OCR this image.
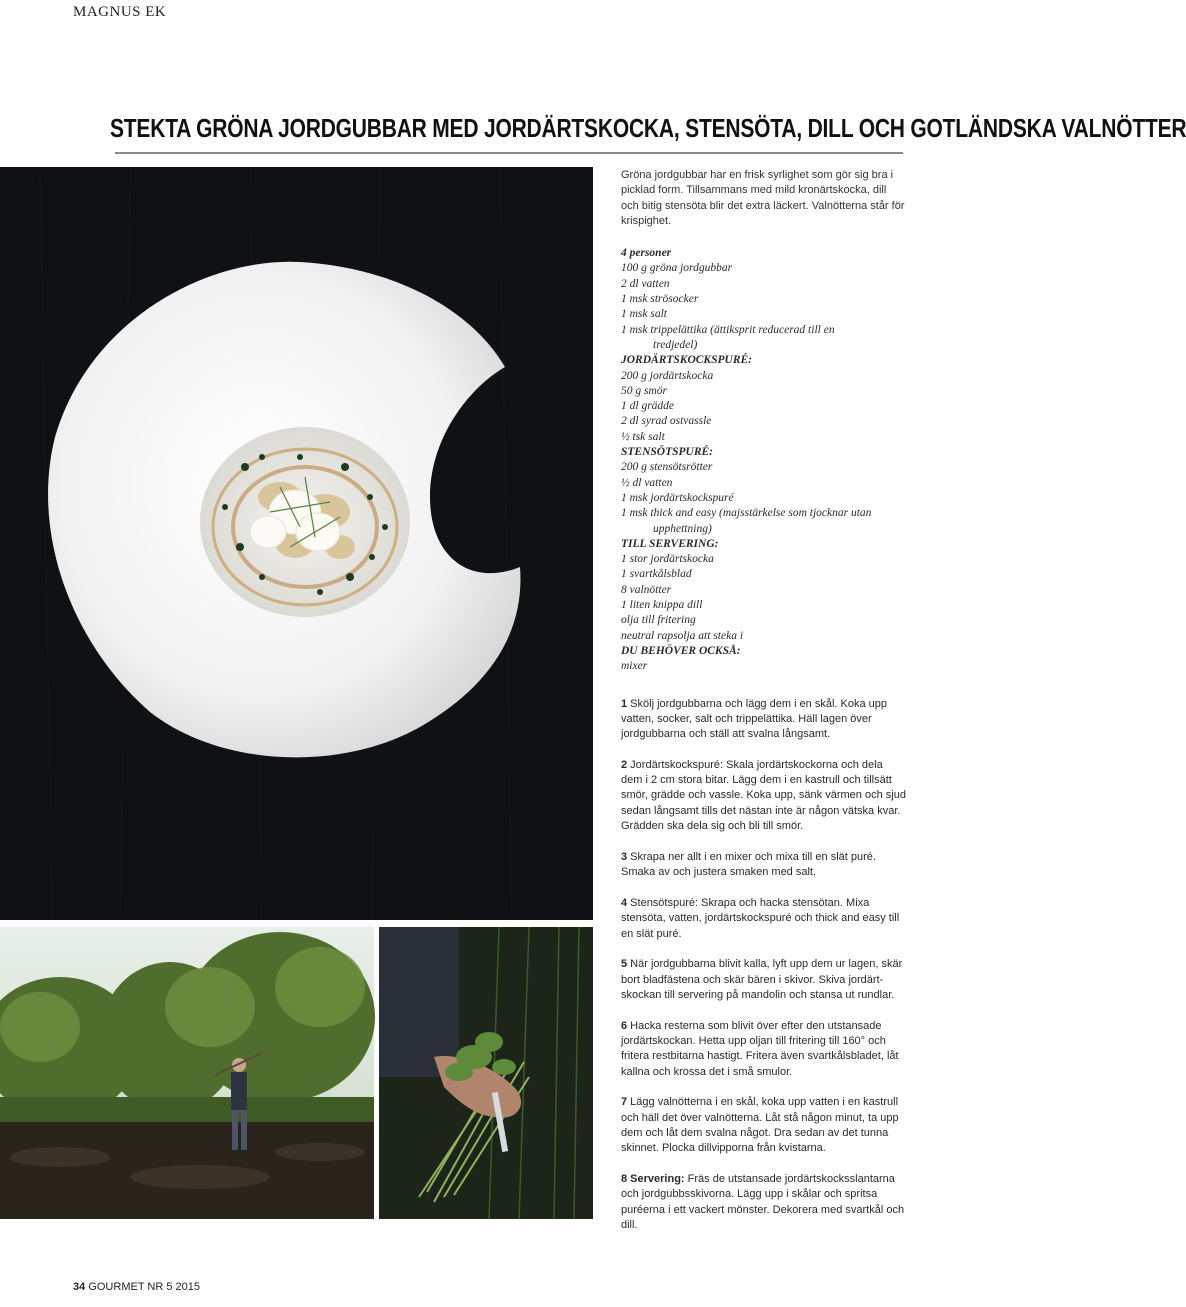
MAGNUS EK
STEKTA GRÖNA JORDGUBBAR MED JORDÄRTSKOCKA, STENSÖTA, DILL OCH GOTLÄNDSKA VALNÖTTER

Gröna jordgubbar har en frisk syrlighet som gör sig bra i picklad form. Tillsammans med mild kronärtskocka, dill och bitig stensöta blir det extra läckert. Valnötterna står för krispighet.

4 personer
100 g gröna jordgubbar
2 dl vatten
1 msk strösocker
1 msk salt
1 msk trippelättika (ättiksprit reducerad till en
tredjedel)
JORDÄRTSKOCKSPURÉ:
200 g jordärtskocka
50 g smör
1 dl grädde
2 dl syrad ostvassle
½ tsk salt
STENSÖTSPURÉ:
200 g stensötsrötter
½ dl vatten
1 msk jordärtskockspuré
1 msk thick and easy (majsstärkelse som tjocknar utan
upphettning)
TILL SERVERING:
1 stor jordärtskocka
1 svartkålsblad
8 valnötter
1 liten knippa dill
olja till fritering
neutral rapsolja att steka i
DU BEHÖVER OCKSÅ:
mixer

1 Skölj jordgubbarna och lägg dem i en skål. Koka upp vatten, socker, salt och trippelättika. Häll lagen över jordgubbarna och ställ att svalna långsamt.

2 Jordärtskockspuré: Skala jordärtskockorna och dela dem i 2 cm stora bitar. Lägg dem i en kastrull och tillsätt smör, grädde och vassle. Koka upp, sänk värmen och sjud sedan långsamt tills det nästan inte är någon vätska kvar. Grädden ska dela sig och bli till smör.

3 Skrapa ner allt i en mixer och mixa till en slät puré. Smaka av och justera smaken med salt.

4 Stensötspuré: Skrapa och hacka stensötan. Mixa stensöta, vatten, jordärtskockspuré och thick and easy till en slät puré.

5 När jordgubbarna blivit kalla, lyft upp dem ur lagen, skär bort bladfästena och skär bären i skivor. Skiva jordärt-skockan till servering på mandolin och stansa ut rundlar.

6 Hacka resterna som blivit över efter den utstansade jordärtskockan. Hetta upp oljan till fritering till 160° och fritera restbitarna hastigt. Fritera även svartkålsbladet, låt kallna och krossa det i små smulor.

7 Lägg valnötterna i en skål, koka upp vatten i en kastrull och häll det över valnötterna. Låt stå någon minut, ta upp dem och låt dem svalna något. Dra sedan av det tunna skinnet. Plocka dillvipporna från kvistarna.

8 Servering: Fräs de utstansade jordärtskocksslantarna och jordgubbsskivorna. Lägg upp i skålar och spritsa puréerna i ett vackert mönster. Dekorera med svartkål och dill.

34 GOURMET NR 5 2015
